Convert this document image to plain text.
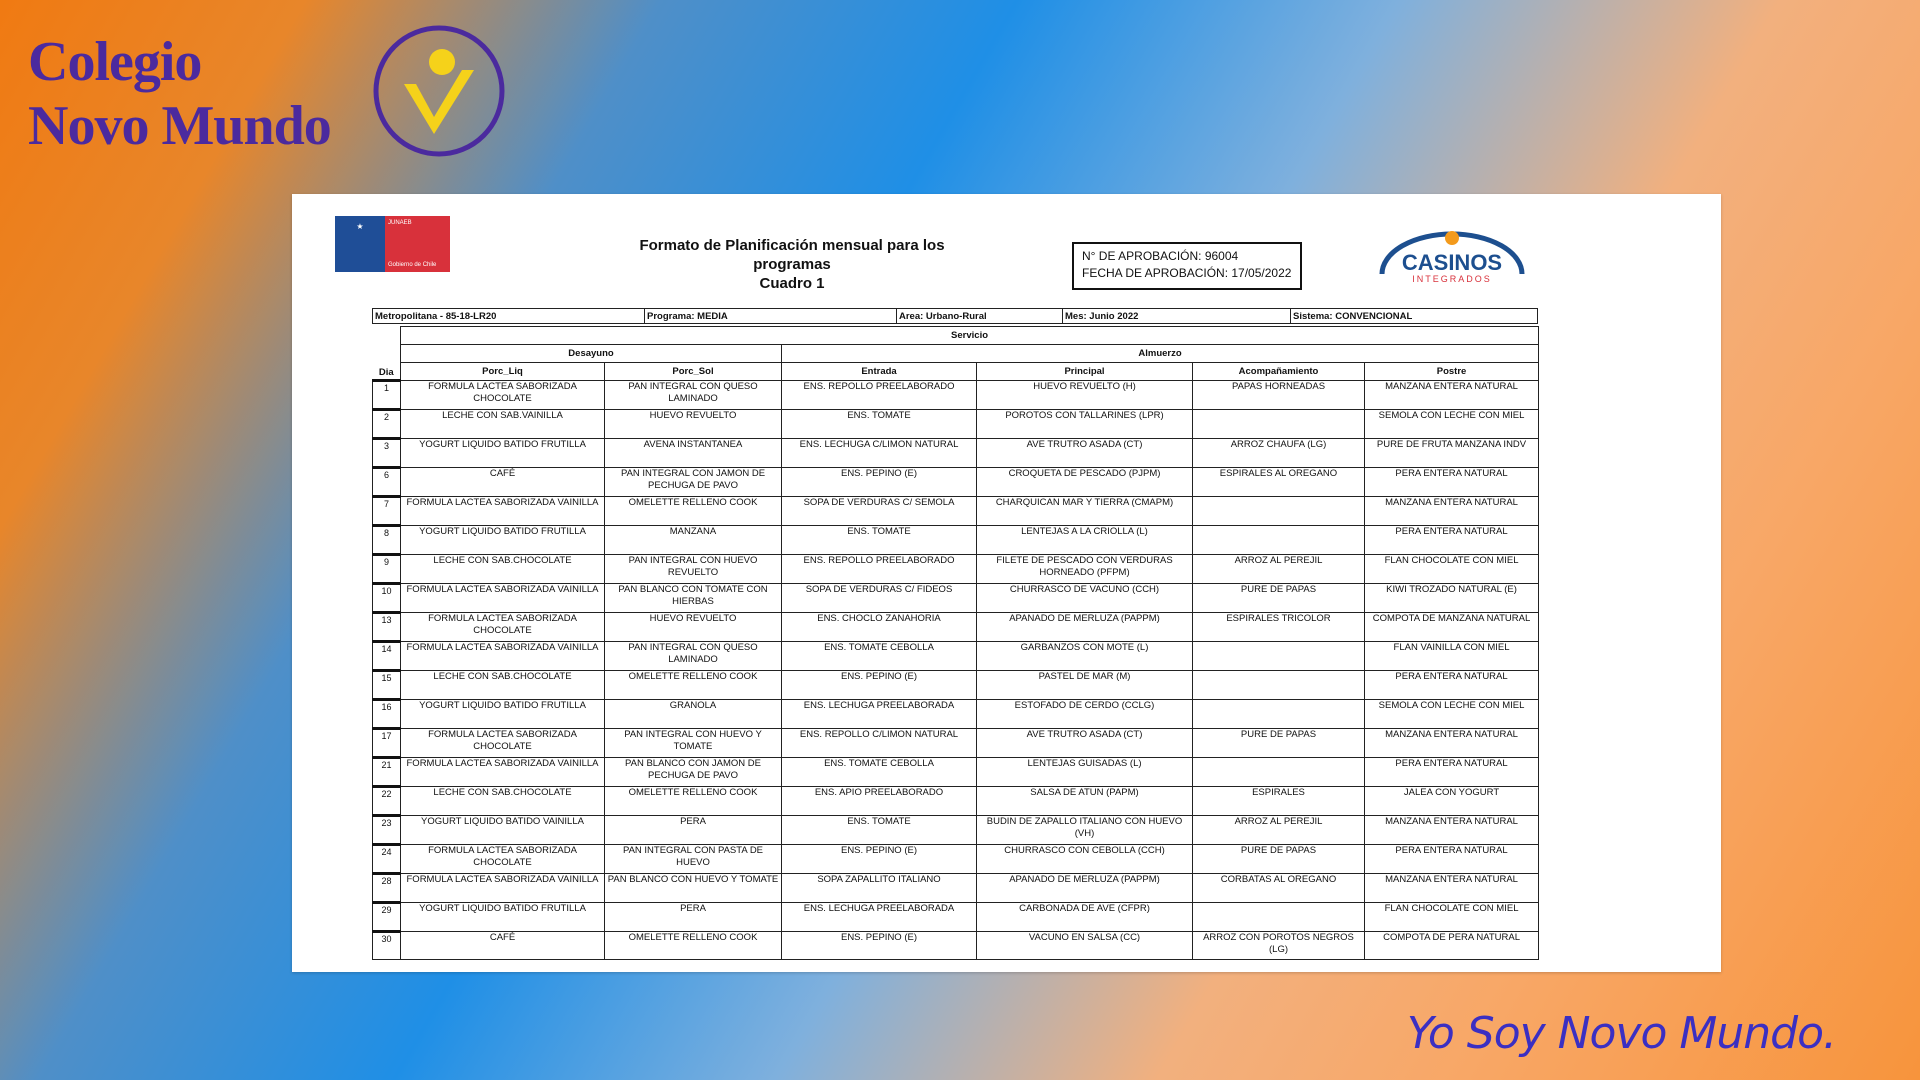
Colegio
Novo Mundo
Yo Soy Novo Mundo.
★	JUNAEB
Gobierno de Chile
Formato de Planificación mensual para los
programas
Cuadro 1
N° DE APROBACIÓN: 96004
FECHA DE APROBACIÓN: 17/05/2022	CASINOS
INTEGRADOS
Metropolitana - 85-18-LR20	Programa: MEDIA	Area: Urbano-Rural	Mes: Junio 2022	Sistema: CONVENCIONAL
Dia	Servicio					
	Desayuno		Almuerzo			
	Porc_Liq	Porc_Sol	Entrada	Principal	Acompañamiento	Postre
1	FORMULA LACTEA SABORIZADA CHOCOLATE	PAN INTEGRAL CON QUESO LAMINADO	ENS. REPOLLO PREELABORADO	HUEVO REVUELTO (H)	PAPAS HORNEADAS	MANZANA ENTERA NATURAL
2	LECHE CON SAB.VAINILLA	HUEVO REVUELTO	ENS. TOMATE	POROTOS CON TALLARINES (LPR)		SEMOLA CON LECHE CON MIEL
3	YOGURT LIQUIDO BATIDO FRUTILLA	AVENA INSTANTANEA	ENS. LECHUGA C/LIMON NATURAL	AVE TRUTRO ASADA (CT)	ARROZ CHAUFA (LG)	PURE DE FRUTA MANZANA INDV
6	CAFÉ	PAN INTEGRAL CON JAMON DE PECHUGA DE PAVO	ENS. PEPINO (E)	CROQUETA DE PESCADO (PJPM)	ESPIRALES AL OREGANO	PERA ENTERA NATURAL
7	FORMULA LACTEA SABORIZADA VAINILLA	OMELETTE RELLENO COOK	SOPA DE VERDURAS C/ SEMOLA	CHARQUICAN MAR Y TIERRA (CMAPM)		MANZANA ENTERA NATURAL
8	YOGURT LIQUIDO BATIDO FRUTILLA	MANZANA	ENS. TOMATE	LENTEJAS A LA CRIOLLA (L)		PERA ENTERA NATURAL
9	LECHE CON SAB.CHOCOLATE	PAN INTEGRAL CON HUEVO REVUELTO	ENS. REPOLLO PREELABORADO	FILETE DE PESCADO CON VERDURAS HORNEADO (PFPM)	ARROZ AL PEREJIL	FLAN CHOCOLATE CON MIEL
10	FORMULA LACTEA SABORIZADA VAINILLA	PAN BLANCO CON TOMATE CON HIERBAS	SOPA DE VERDURAS C/ FIDEOS	CHURRASCO DE VACUNO (CCH)	PURE DE PAPAS	KIWI TROZADO NATURAL (E)
13	FORMULA LACTEA SABORIZADA CHOCOLATE	HUEVO REVUELTO	ENS. CHOCLO ZANAHORIA	APANADO DE MERLUZA (PAPPM)	ESPIRALES TRICOLOR	COMPOTA DE MANZANA NATURAL
14	FORMULA LACTEA SABORIZADA VAINILLA	PAN INTEGRAL CON QUESO LAMINADO	ENS. TOMATE CEBOLLA	GARBANZOS CON MOTE (L)		FLAN VAINILLA CON MIEL
15	LECHE CON SAB.CHOCOLATE	OMELETTE RELLENO COOK	ENS. PEPINO (E)	PASTEL DE MAR (M)		PERA ENTERA NATURAL
16	YOGURT LIQUIDO BATIDO FRUTILLA	GRANOLA	ENS. LECHUGA PREELABORADA	ESTOFADO DE CERDO (CCLG)		SEMOLA CON LECHE CON MIEL
17	FORMULA LACTEA SABORIZADA CHOCOLATE	PAN INTEGRAL CON HUEVO Y TOMATE	ENS. REPOLLO C/LIMON NATURAL	AVE TRUTRO ASADA (CT)	PURE DE PAPAS	MANZANA ENTERA NATURAL
21	FORMULA LACTEA SABORIZADA VAINILLA	PAN BLANCO CON JAMON DE PECHUGA DE PAVO	ENS. TOMATE CEBOLLA	LENTEJAS GUISADAS (L)		PERA ENTERA NATURAL
22	LECHE CON SAB.CHOCOLATE	OMELETTE RELLENO COOK	ENS. APIO PREELABORADO	SALSA DE ATUN (PAPM)	ESPIRALES	JALEA CON YOGURT
23	YOGURT LIQUIDO BATIDO VAINILLA	PERA	ENS. TOMATE	BUDIN DE ZAPALLO ITALIANO CON HUEVO (VH)	ARROZ AL PEREJIL	MANZANA ENTERA NATURAL
24	FORMULA LACTEA SABORIZADA CHOCOLATE	PAN INTEGRAL CON PASTA DE HUEVO	ENS. PEPINO (E)	CHURRASCO CON CEBOLLA (CCH)	PURE DE PAPAS	PERA ENTERA NATURAL
28	FORMULA LACTEA SABORIZADA VAINILLA	PAN BLANCO CON HUEVO Y TOMATE	SOPA ZAPALLITO ITALIANO	APANADO DE MERLUZA (PAPPM)	CORBATAS AL OREGANO	MANZANA ENTERA NATURAL
29	YOGURT LIQUIDO BATIDO FRUTILLA	PERA	ENS. LECHUGA PREELABORADA	CARBONADA DE AVE (CFPR)		FLAN CHOCOLATE CON MIEL
30	CAFÉ	OMELETTE RELLENO COOK	ENS. PEPINO (E)	VACUNO EN SALSA (CC)	ARROZ CON POROTOS NEGROS (LG)	COMPOTA DE PERA NATURAL
